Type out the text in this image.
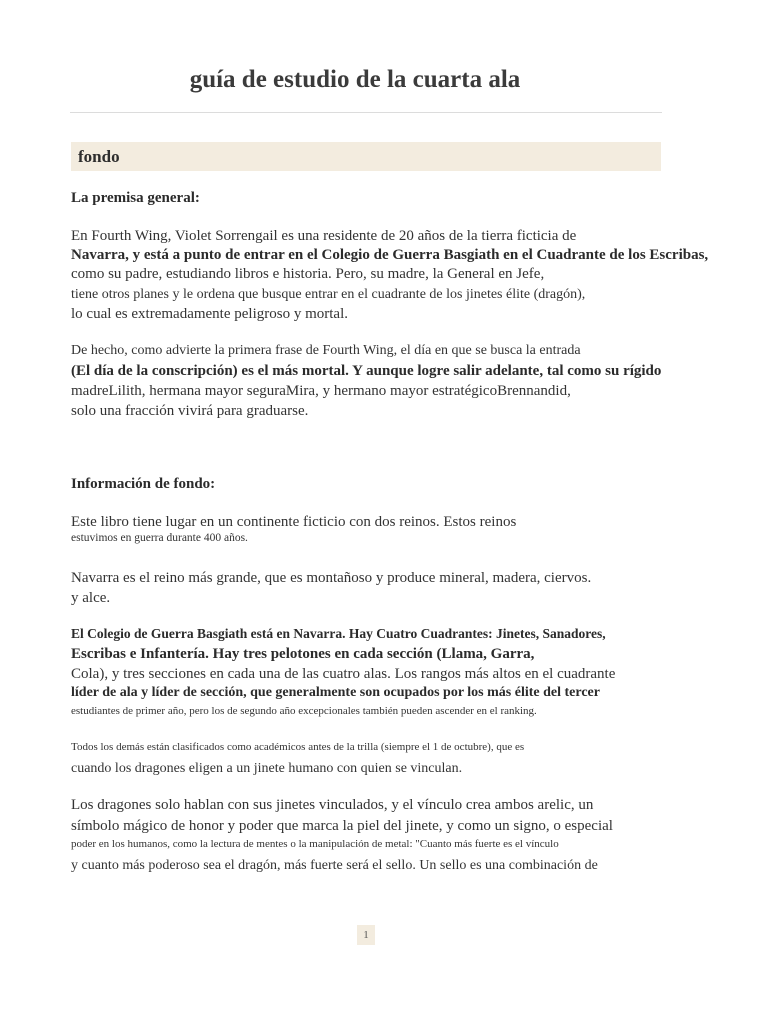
guía de estudio de la cuarta ala
fondo

La premisa general:

En Fourth Wing, Violet Sorrengail es una residente de 20 años de la tierra ficticia de

Navarra, y está a punto de entrar en el Colegio de Guerra Basgiath en el Cuadrante de los Escribas,

como su padre, estudiando libros e historia. Pero, su madre, la General en Jefe,

tiene otros planes y le ordena que busque entrar en el cuadrante de los jinetes élite (dragón),

lo cual es extremadamente peligroso y mortal.

De hecho, como advierte la primera frase de Fourth Wing, el día en que se busca la entrada

(El día de la conscripción) es el más mortal. Y aunque logre salir adelante, tal como su rígido

madreLilith, hermana mayor seguraMira, y hermano mayor estratégicoBrennandid,

solo una fracción vivirá para graduarse.

Información de fondo:

Este libro tiene lugar en un continente ficticio con dos reinos. Estos reinos

estuvimos en guerra durante 400 años.

Navarra es el reino más grande, que es montañoso y produce mineral, madera, ciervos.

y alce.

El Colegio de Guerra Basgiath está en Navarra. Hay Cuatro Cuadrantes: Jinetes, Sanadores,

Escribas e Infantería. Hay tres pelotones en cada sección (Llama, Garra,

Cola), y tres secciones en cada una de las cuatro alas. Los rangos más altos en el cuadrante

líder de ala y líder de sección, que generalmente son ocupados por los más élite del tercer

estudiantes de primer año, pero los de segundo año excepcionales también pueden ascender en el ranking.

Todos los demás están clasificados como académicos antes de la trilla (siempre el 1 de octubre), que es

cuando los dragones eligen a un jinete humano con quien se vinculan.

Los dragones solo hablan con sus jinetes vinculados, y el vínculo crea ambos arelic, un

símbolo mágico de honor y poder que marca la piel del jinete, y como un signo, o especial

poder en los humanos, como la lectura de mentes o la manipulación de metal: "Cuanto más fuerte es el vínculo

y cuanto más poderoso sea el dragón, más fuerte será el sello. Un sello es una combinación de

1
